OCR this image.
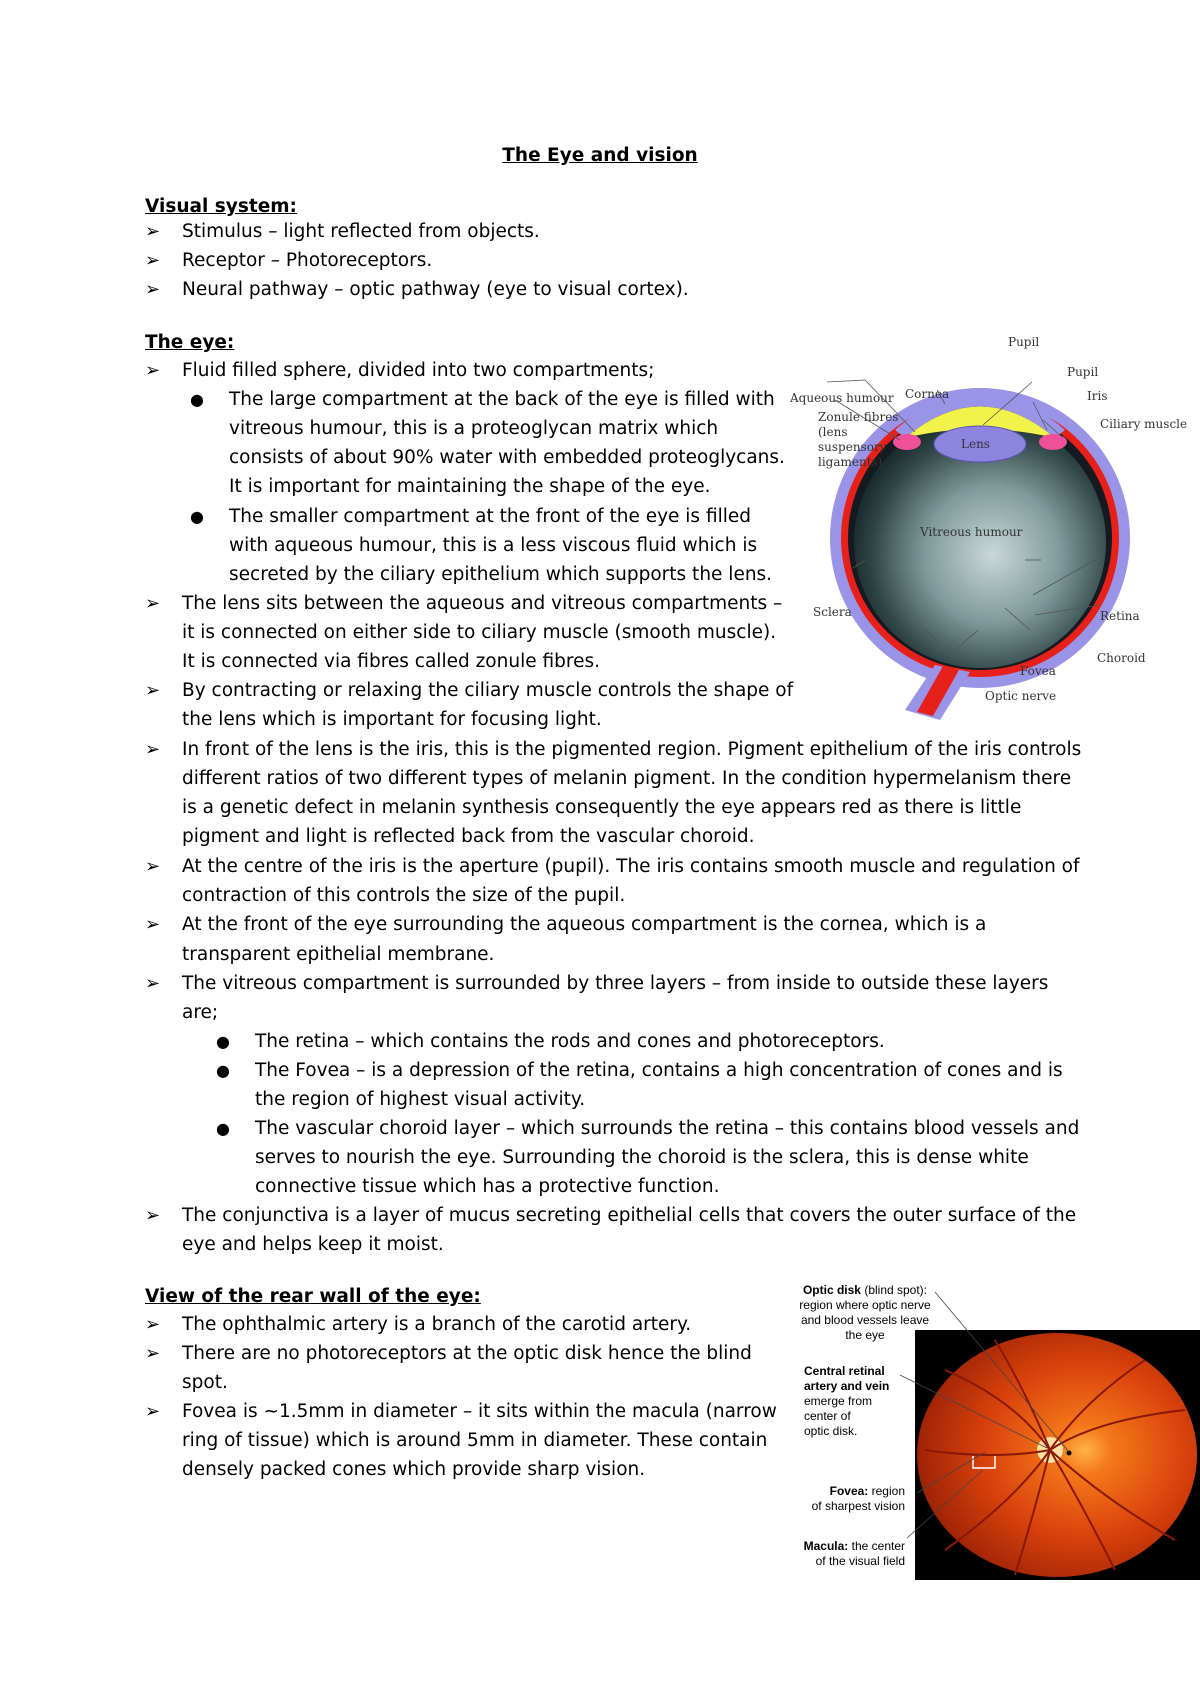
The Eye and vision
Visual system:
➢ Stimulus – light reflected from objects.
➢ Receptor – Photoreceptors.
➢ Neural pathway – optic pathway (eye to visual cortex).
The eye:
➢ Fluid filled sphere, divided into two compartments;
● The large compartment at the back of the eye is filled with
vitreous humour, this is a proteoglycan matrix which
consists of about 90% water with embedded proteoglycans.
It is important for maintaining the shape of the eye.
● The smaller compartment at the front of the eye is filled
with aqueous humour, this is a less viscous fluid which is
secreted by the ciliary epithelium which supports the lens.
➢ The lens sits between the aqueous and vitreous compartments –
it is connected on either side to ciliary muscle (smooth muscle).
It is connected via fibres called zonule fibres.
➢ By contracting or relaxing the ciliary muscle controls the shape of
the lens which is important for focusing light.
➢ In front of the lens is the iris, this is the pigmented region. Pigment epithelium of the iris controls
different ratios of two different types of melanin pigment. In the condition hypermelanism there
is a genetic defect in melanin synthesis consequently the eye appears red as there is little
pigment and light is reflected back from the vascular choroid.
➢ At the centre of the iris is the aperture (pupil). The iris contains smooth muscle and regulation of
contraction of this controls the size of the pupil.
➢ At the front of the eye surrounding the aqueous compartment is the cornea, which is a
transparent epithelial membrane.
➢ The vitreous compartment is surrounded by three layers – from inside to outside these layers
are;
● The retina – which contains the rods and cones and photoreceptors.
● The Fovea – is a depression of the retina, contains a high concentration of cones and is
the region of highest visual activity.
● The vascular choroid layer – which surrounds the retina – this contains blood vessels and
serves to nourish the eye. Surrounding the choroid is the sclera, this is dense white
connective tissue which has a protective function.
➢ The conjunctiva is a layer of mucus secreting epithelial cells that covers the outer surface of the
eye and helps keep it moist.
View of the rear wall of the eye:
➢ The ophthalmic artery is a branch of the carotid artery.
➢ There are no photoreceptors at the optic disk hence the blind
spot.
➢ Fovea is ~1.5mm in diameter – it sits within the macula (narrow
ring of tissue) which is around 5mm in diameter. These contain
densely packed cones which provide sharp vision.
Pupil
Pupil
Iris
Cornea
Ciliary muscle
Lens
Vitreous humour
Sclera	Retina
Choroid
Fovea
Optic nerve
Aqueous humour
Zonule fibres
(lens
suspensory
ligaments)
Optic disk (blind spot):
region where optic nerve
and blood vessels leave
the eye
Central retinal
artery and vein
emerge from
center of
optic disk.
Fovea: region
of sharpest vision
Macula: the center
of the visual field
